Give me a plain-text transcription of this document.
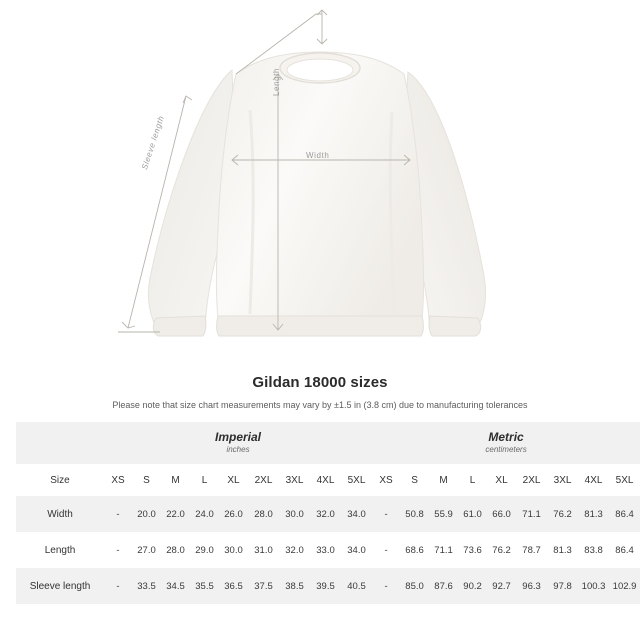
Width
Length
Sleeve length
Gildan 18000 sizes
Please note that size chart measurements may vary by ±1.5 in (3.8 cm) due to manufacturing tolerances

	Imperial
inches									Metric
centimeters								

Size	XS	S	M	L	XL	2XL	3XL	4XL	5XL	XS	S	M	L	XL	2XL	3XL	4XL	5XL
Width	-	20.0	22.0	24.0	26.0	28.0	30.0	32.0	34.0	-	50.8	55.9	61.0	66.0	71.1	76.2	81.3	86.4
Length	-	27.0	28.0	29.0	30.0	31.0	32.0	33.0	34.0	-	68.6	71.1	73.6	76.2	78.7	81.3	83.8	86.4
Sleeve length	-	33.5	34.5	35.5	36.5	37.5	38.5	39.5	40.5	-	85.0	87.6	90.2	92.7	96.3	97.8	100.3	102.9
